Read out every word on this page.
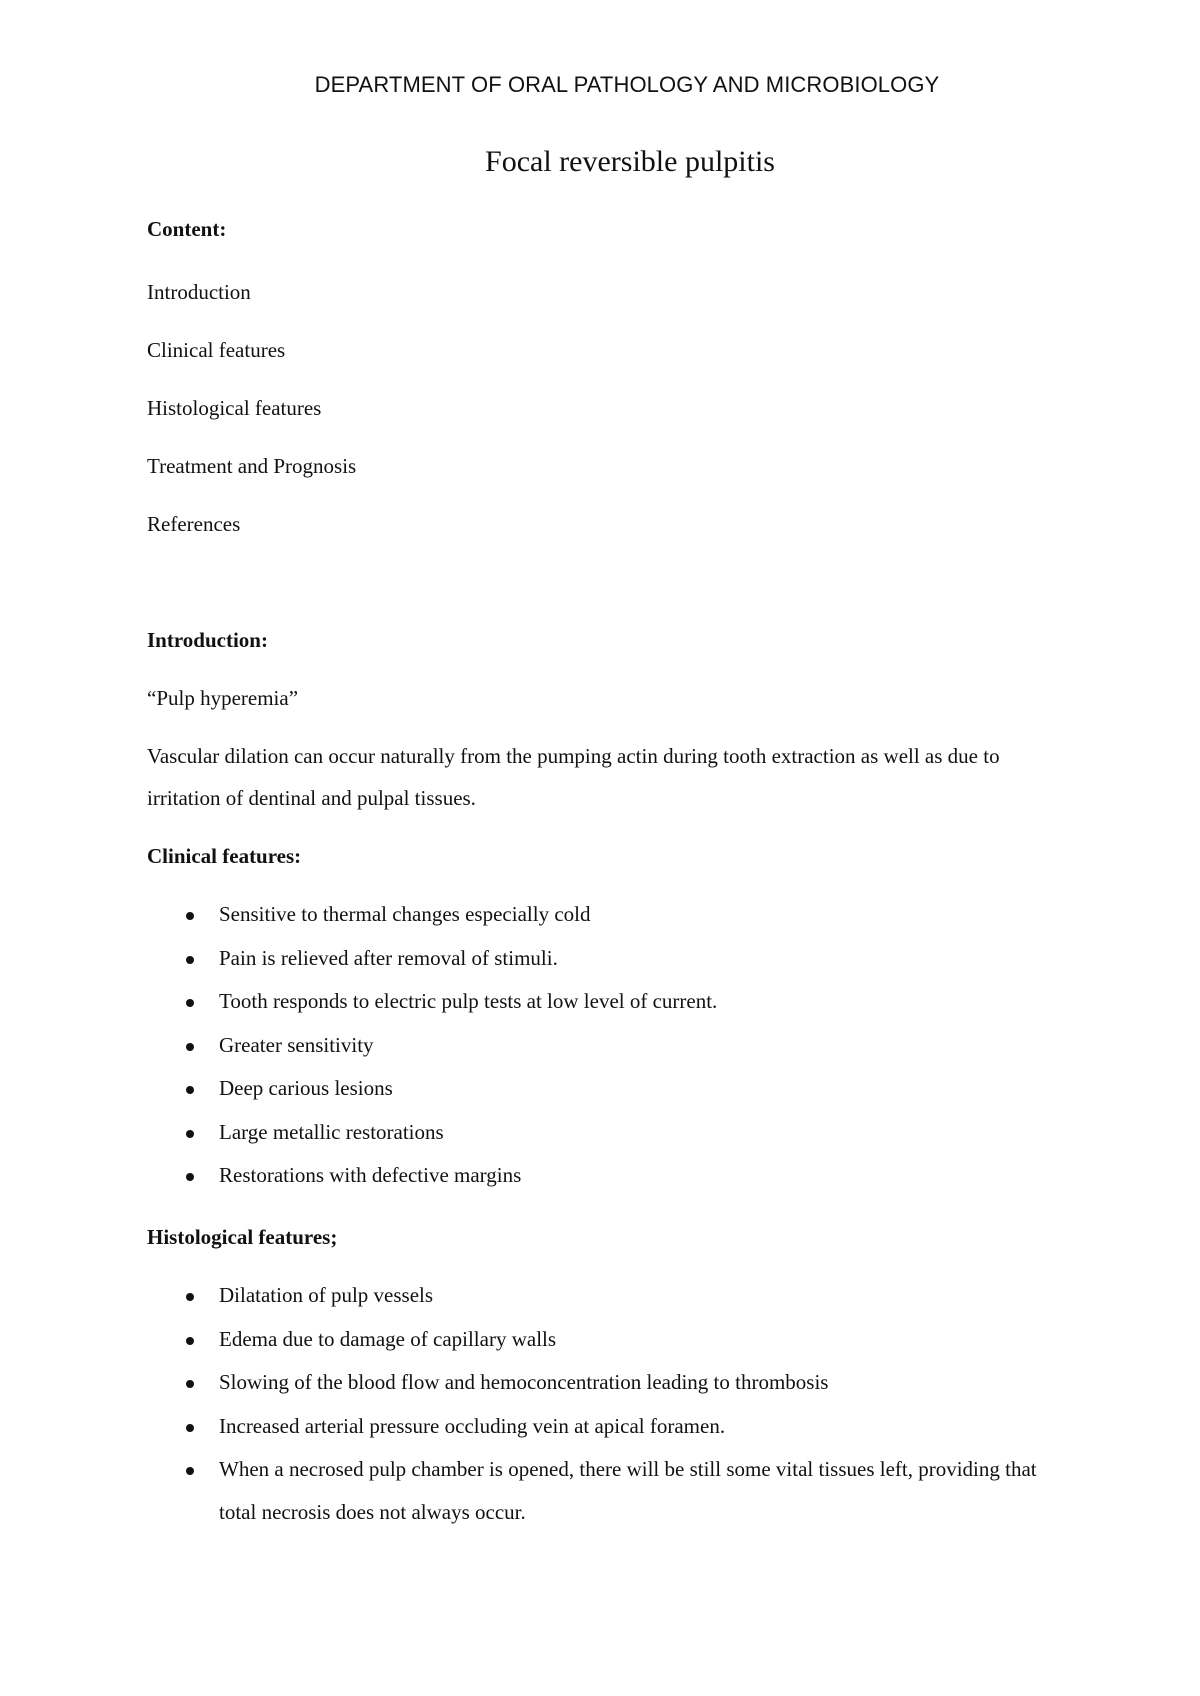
DEPARTMENT OF ORAL PATHOLOGY AND MICROBIOLOGY
Focal reversible pulpitis
Content:
Introduction
Clinical features
Histological features
Treatment and Prognosis
References
Introduction:
“Pulp hyperemia”
Vascular dilation can occur naturally from the pumping actin during tooth extraction as well as due to irritation of dentinal and pulpal tissues.
Clinical features:
Sensitive to thermal changes especially cold
Pain is relieved after removal of stimuli.
Tooth responds to electric pulp tests at low level of current.
Greater sensitivity
Deep carious lesions
Large metallic restorations
Restorations with defective margins
Histological features;
Dilatation of pulp vessels
Edema due to damage of capillary walls
Slowing of the blood flow and hemoconcentration leading to thrombosis
Increased arterial pressure occluding vein at apical foramen.
When a necrosed pulp chamber is opened, there will be still some vital tissues left, providing that total necrosis does not always occur.
